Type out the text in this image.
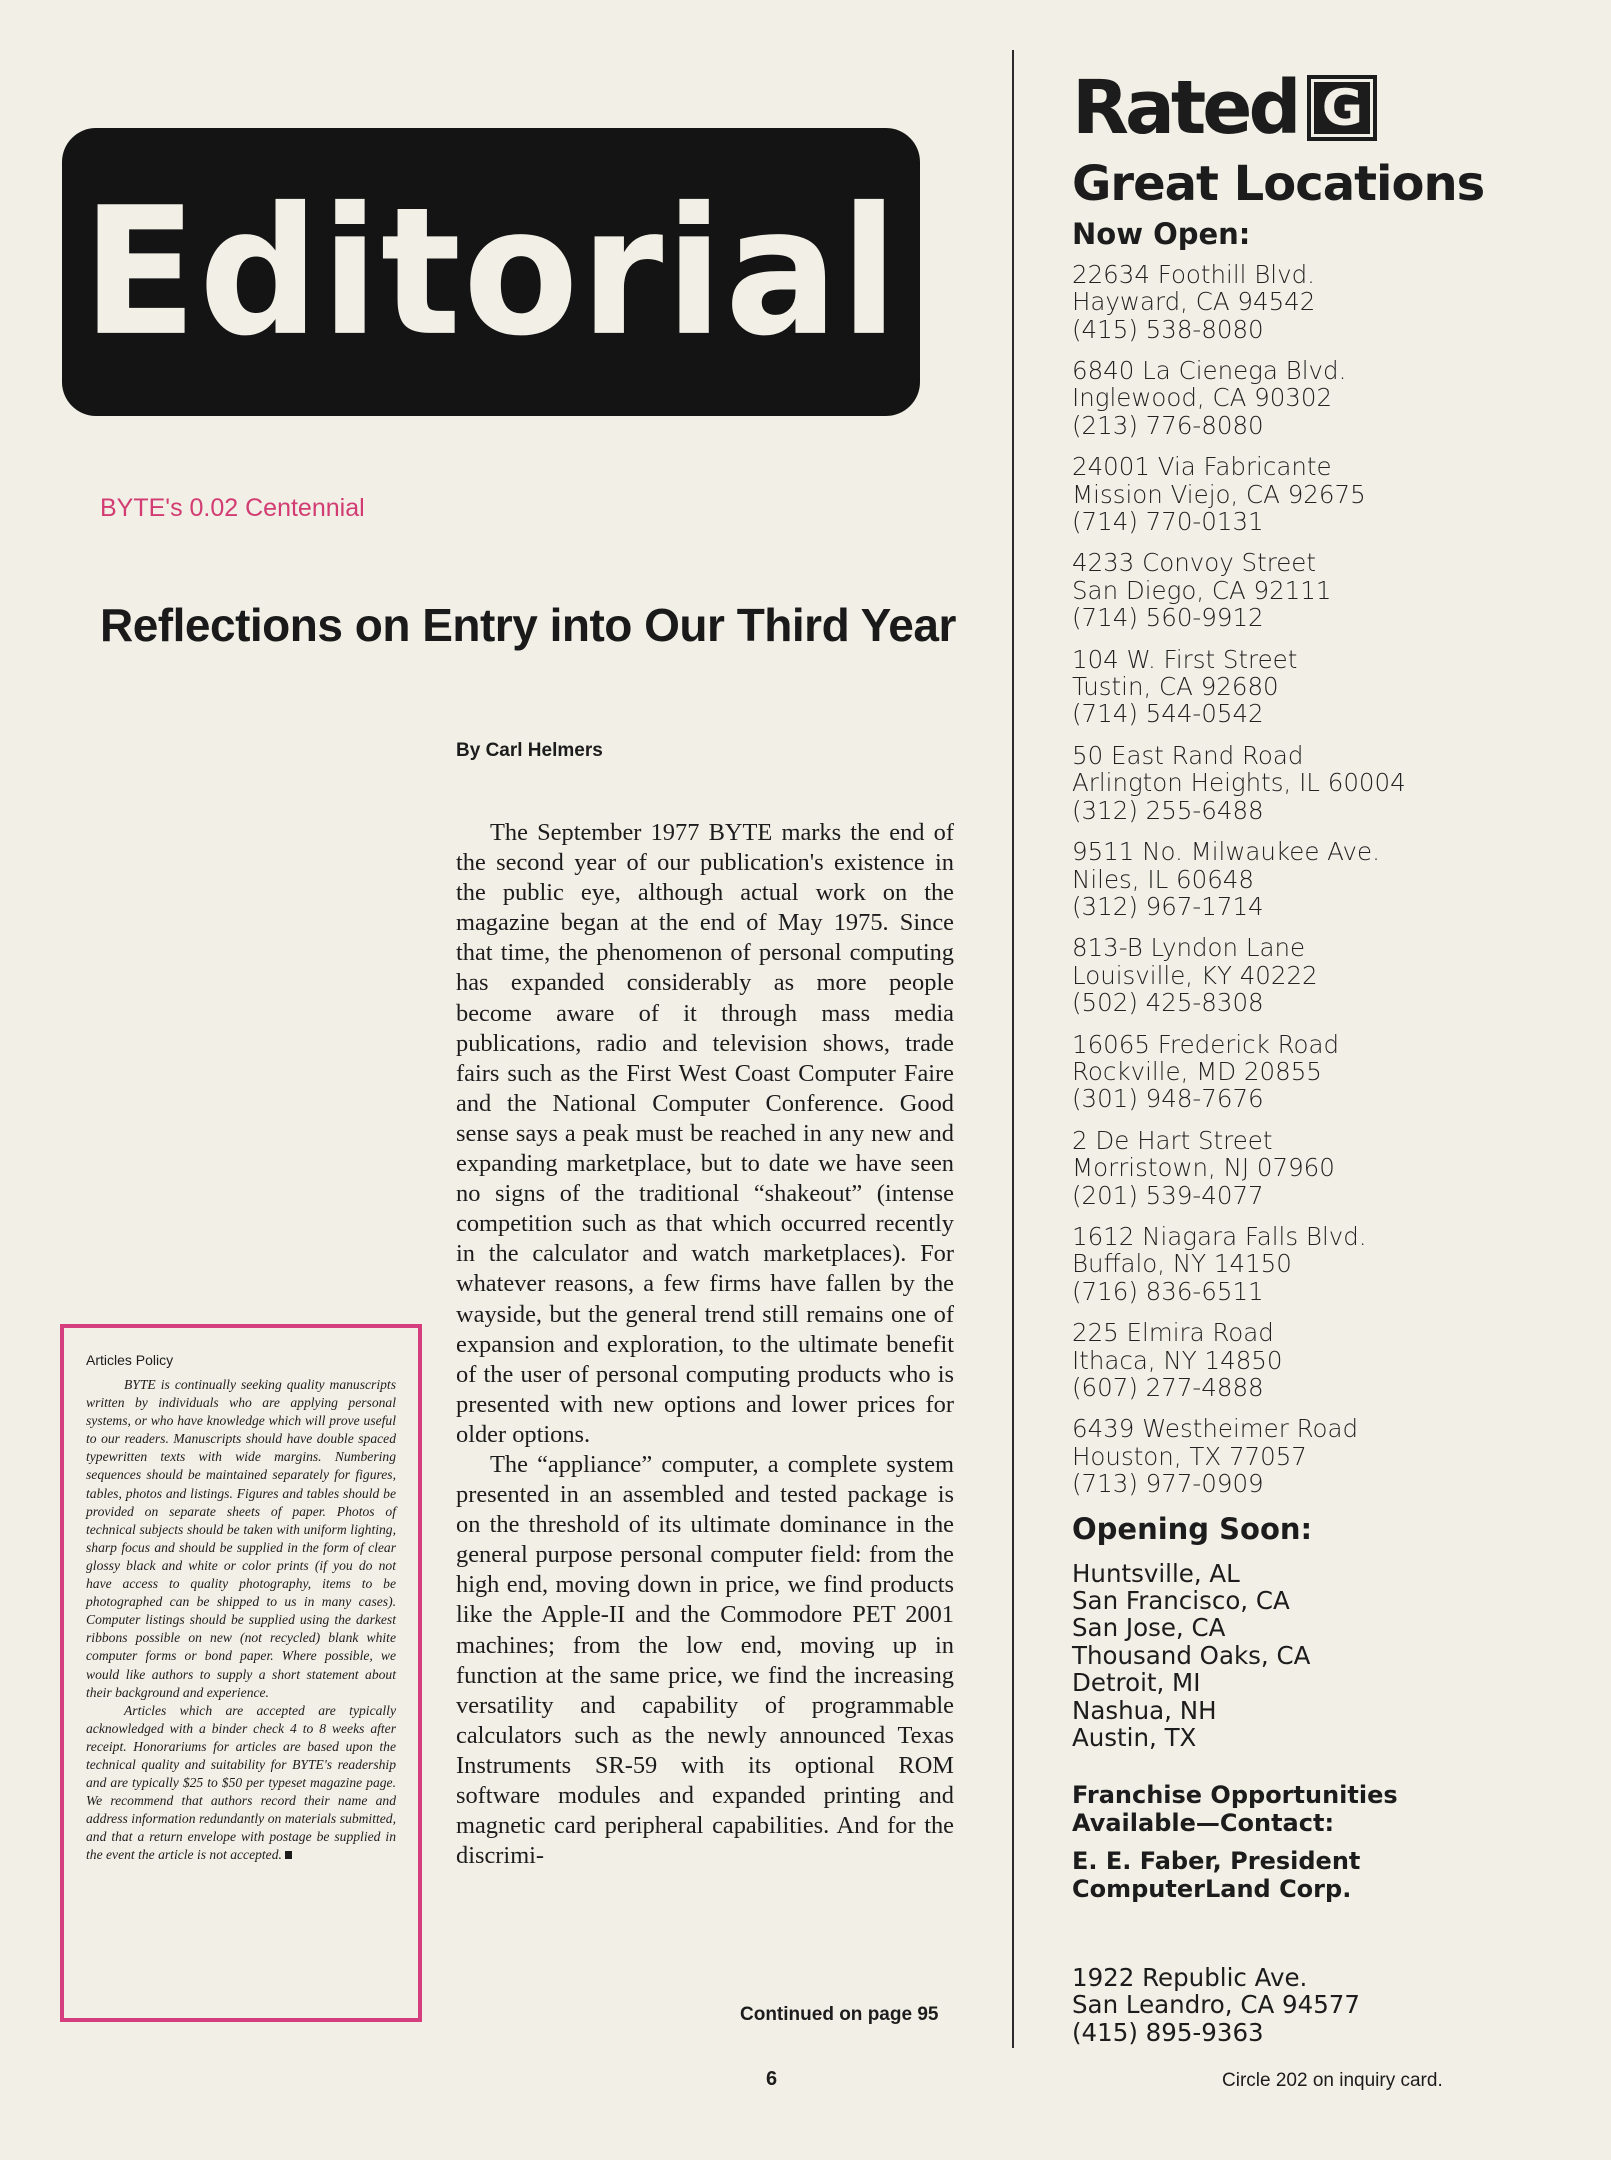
Editorial
BYTE's 0.02 Centennial
Reflections on Entry into Our Third Year
By Carl Helmers

The September 1977 BYTE marks the end of the second year of our publication's existence in the public eye, although actual work on the magazine began at the end of May 1975. Since that time, the phenomenon of personal computing has expanded considerably as more people become aware of it through mass media publications, radio and television shows, trade fairs such as the First West Coast Computer Faire and the National Computer Conference. Good sense says a peak must be reached in any new and expanding marketplace, but to date we have seen no signs of the traditional “shakeout” (intense competition such as that which occurred recently in the calculator and watch marketplaces). For whatever reasons, a few firms have fallen by the wayside, but the general trend still remains one of expansion and exploration, to the ultimate benefit of the user of personal computing products who is presented with new options and lower prices for older options.

The “appliance” computer, a complete system presented in an assembled and tested package is on the threshold of its ultimate dominance in the general purpose personal computer field: from the high end, moving down in price, we find products like the Apple-II and the Commodore PET 2001 machines; from the low end, moving up in function at the same price, we find the increasing versatility and capability of programmable calculators such as the newly announced Texas Instruments SR-59 with its optional ROM software modules and expanded printing and magnetic card peripheral capabilities. And for the discrimi-

Continued on page 95
6
Articles Policy

BYTE is continually seeking quality manuscripts written by individuals who are applying personal systems, or who have knowledge which will prove useful to our readers. Manuscripts should have double spaced typewritten texts with wide margins. Numbering sequences should be maintained separately for figures, tables, photos and listings. Figures and tables should be provided on separate sheets of paper. Photos of technical subjects should be taken with uniform lighting, sharp focus and should be supplied in the form of clear glossy black and white or color prints (if you do not have access to quality photography, items to be photographed can be shipped to us in many cases). Computer listings should be supplied using the darkest ribbons possible on new (not recycled) blank white computer forms or bond paper. Where possible, we would like authors to supply a short statement about their background and experience.

Articles which are accepted are typically acknowledged with a binder check 4 to 8 weeks after receipt. Honorariums for articles are based upon the technical quality and suitability for BYTE's readership and are typically $25 to $50 per typeset magazine page. We recommend that authors record their name and address information redundantly on materials submitted, and that a return envelope with postage be supplied in the event the article is not accepted.

Rated G
Great Locations
Now Open:
22634 Foothill Blvd.
Hayward, CA 94542
(415) 538-8080
6840 La Cienega Blvd.
Inglewood, CA 90302
(213) 776-8080
24001 Via Fabricante
Mission Viejo, CA 92675
(714) 770-0131
4233 Convoy Street
San Diego, CA 92111
(714) 560-9912
104 W. First Street
Tustin, CA 92680
(714) 544-0542
50 East Rand Road
Arlington Heights, IL 60004
(312) 255-6488
9511 No. Milwaukee Ave.
Niles, IL 60648
(312) 967-1714
813-B Lyndon Lane
Louisville, KY 40222
(502) 425-8308
16065 Frederick Road
Rockville, MD 20855
(301) 948-7676
2 De Hart Street
Morristown, NJ 07960
(201) 539-4077
1612 Niagara Falls Blvd.
Buffalo, NY 14150
(716) 836-6511
225 Elmira Road
Ithaca, NY 14850
(607) 277-4888
6439 Westheimer Road
Houston, TX 77057
(713) 977-0909
Opening Soon:
Huntsville, AL
San Francisco, CA
San Jose, CA
Thousand Oaks, CA
Detroit, MI
Nashua, NH
Austin, TX
Franchise Opportunities
Available—Contact:
E. E. Faber, President
ComputerLand Corp.
1922 Republic Ave.
San Leandro, CA 94577
(415) 895-9363
Circle 202 on inquiry card.
